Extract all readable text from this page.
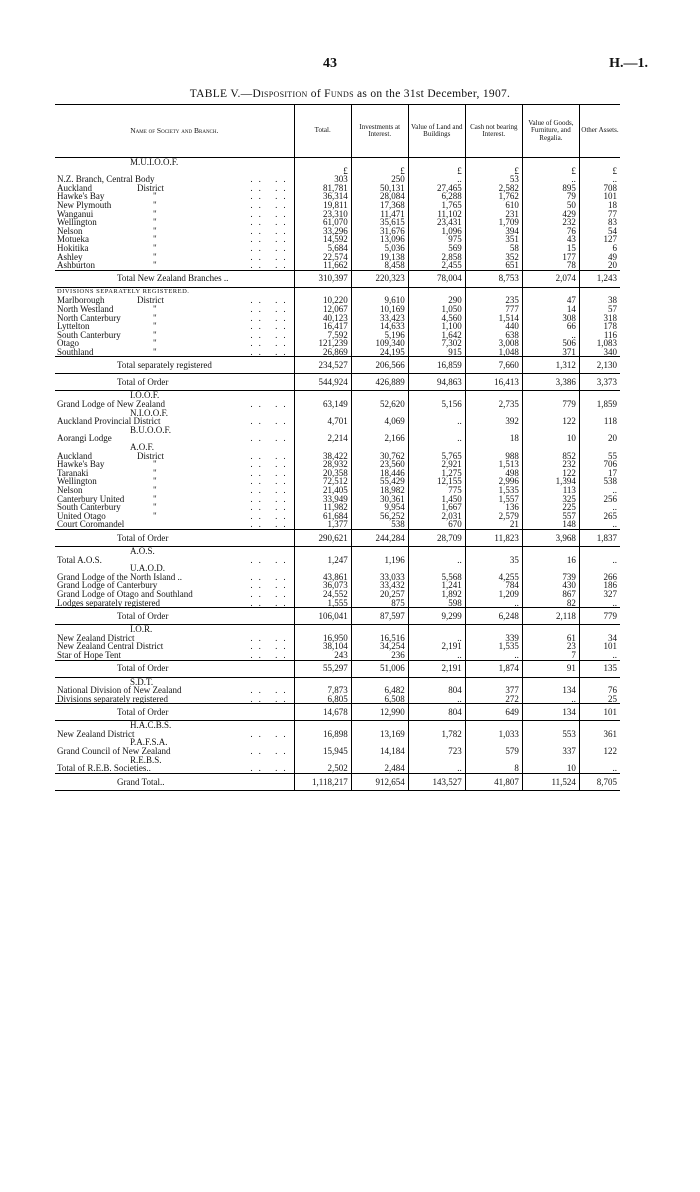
43	H.—1.
TABLE V.—Disposition of Funds as on the 31st December, 1907.
Name of Society and Branch.	Total.	Investments at Interest.	Value of Land and Buildings	Cash not bearing Interest.	Value of Goods, Furniture, and Regalia.	Other Assets.
M.U.I.O.O.F.						
	£	£	£	£	£	£
N.Z. Branch, Central Body .. ..	303	250	..	53	..	..
Auckland District .. ..	81,781	50,131	27,465	2,582	895	708
Hawke's Bay " .. ..	36,314	28,084	6,288	1,762	79	101
New Plymouth " .. ..	19,811	17,368	1,765	610	50	18
Wanganui " .. ..	23,310	11,471	11,102	231	429	77
Wellington " .. ..	61,070	35,615	23,431	1,709	232	83
Nelson " .. ..	33,296	31,676	1,096	394	76	54
Motueka " .. ..	14,592	13,096	975	351	43	127
Hokitika " .. ..	5,684	5,036	569	58	15	6
Ashley " .. ..	22,574	19,138	2,858	352	177	49
Ashburton " .. ..	11,662	8,458	2,455	651	78	20
Total New Zealand Branches ..	310,397	220,323	78,004	8,753	2,074	1,243
DIVISIONS SEPARATELY REGISTERED.						
Marlborough District .. ..	10,220	9,610	290	235	47	38
North Westland " .. ..	12,067	10,169	1,050	777	14	57
North Canterbury " .. ..	40,123	33,423	4,560	1,514	308	318
Lyttelton " .. ..	16,417	14,633	1,100	440	66	178
South Canterbury " .. ..	7,592	5,196	1,642	638	..	116
Otago " .. ..	121,239	109,340	7,302	3,008	506	1,083
Southland " .. ..	26,869	24,195	915	1,048	371	340
Total separately registered	234,527	206,566	16,859	7,660	1,312	2,130
Total of Order	544,924	426,889	94,863	16,413	3,386	3,373
I.O.O.F.						
Grand Lodge of New Zealand .. ..	63,149	52,620	5,156	2,735	779	1,859
N.I.O.O.F.						
Auckland Provincial District .. ..	4,701	4,069	..	392	122	118
B.U.O.O.F.						
Aorangi Lodge .. ..	2,214	2,166	..	18	10	20
A.O.F.						
Auckland District .. ..	38,422	30,762	5,765	988	852	55
Hawke's Bay " .. ..	28,932	23,560	2,921	1,513	232	706
Taranaki " .. ..	20,358	18,446	1,275	498	122	17
Wellington " .. ..	72,512	55,429	12,155	2,996	1,394	538
Nelson " .. ..	21,405	18,982	775	1,535	113	..
Canterbury United " .. ..	33,949	30,361	1,450	1,557	325	256
South Canterbury " .. ..	11,982	9,954	1,667	136	225	..
United Otago " .. ..	61,684	56,252	2,031	2,579	557	265
Court Coromandel .. ..	1,377	538	670	21	148	..
Total of Order	290,621	244,284	28,709	11,823	3,968	1,837
A.O.S.						
Total A.O.S. .. ..	1,247	1,196	..	35	16	..
U.A.O.D.						
Grand Lodge of the North Island .. .. ..	43,861	33,033	5,568	4,255	739	266
Grand Lodge of Canterbury .. ..	36,073	33,432	1,241	784	430	186
Grand Lodge of Otago and Southland .. ..	24,552	20,257	1,892	1,209	867	327
Lodges separately registered .. ..	1,555	875	598	..	82	..
Total of Order	106,041	87,597	9,299	6,248	2,118	779
I.O.R.						
New Zealand District .. ..	16,950	16,516	..	339	61	34
New Zealand Central District .. ..	38,104	34,254	2,191	1,535	23	101
Star of Hope Tent .. ..	243	236	..	..	7	..
Total of Order	55,297	51,006	2,191	1,874	91	135
S.D.T.						
National Division of New Zealand .. ..	7,873	6,482	804	377	134	76
Divisions separately registered .. ..	6,805	6,508	..	272	..	25
Total of Order	14,678	12,990	804	649	134	101
H.A.C.B.S.						
New Zealand District .. ..	16,898	13,169	1,782	1,033	553	361
P.A.F.S.A.						
Grand Council of New Zealand .. ..	15,945	14,184	723	579	337	122
R.E.B.S.						
Total of R.E.B. Societies.. .. ..	2,502	2,484	..	8	10	..
Grand Total..	1,118,217	912,654	143,527	41,807	11,524	8,705
